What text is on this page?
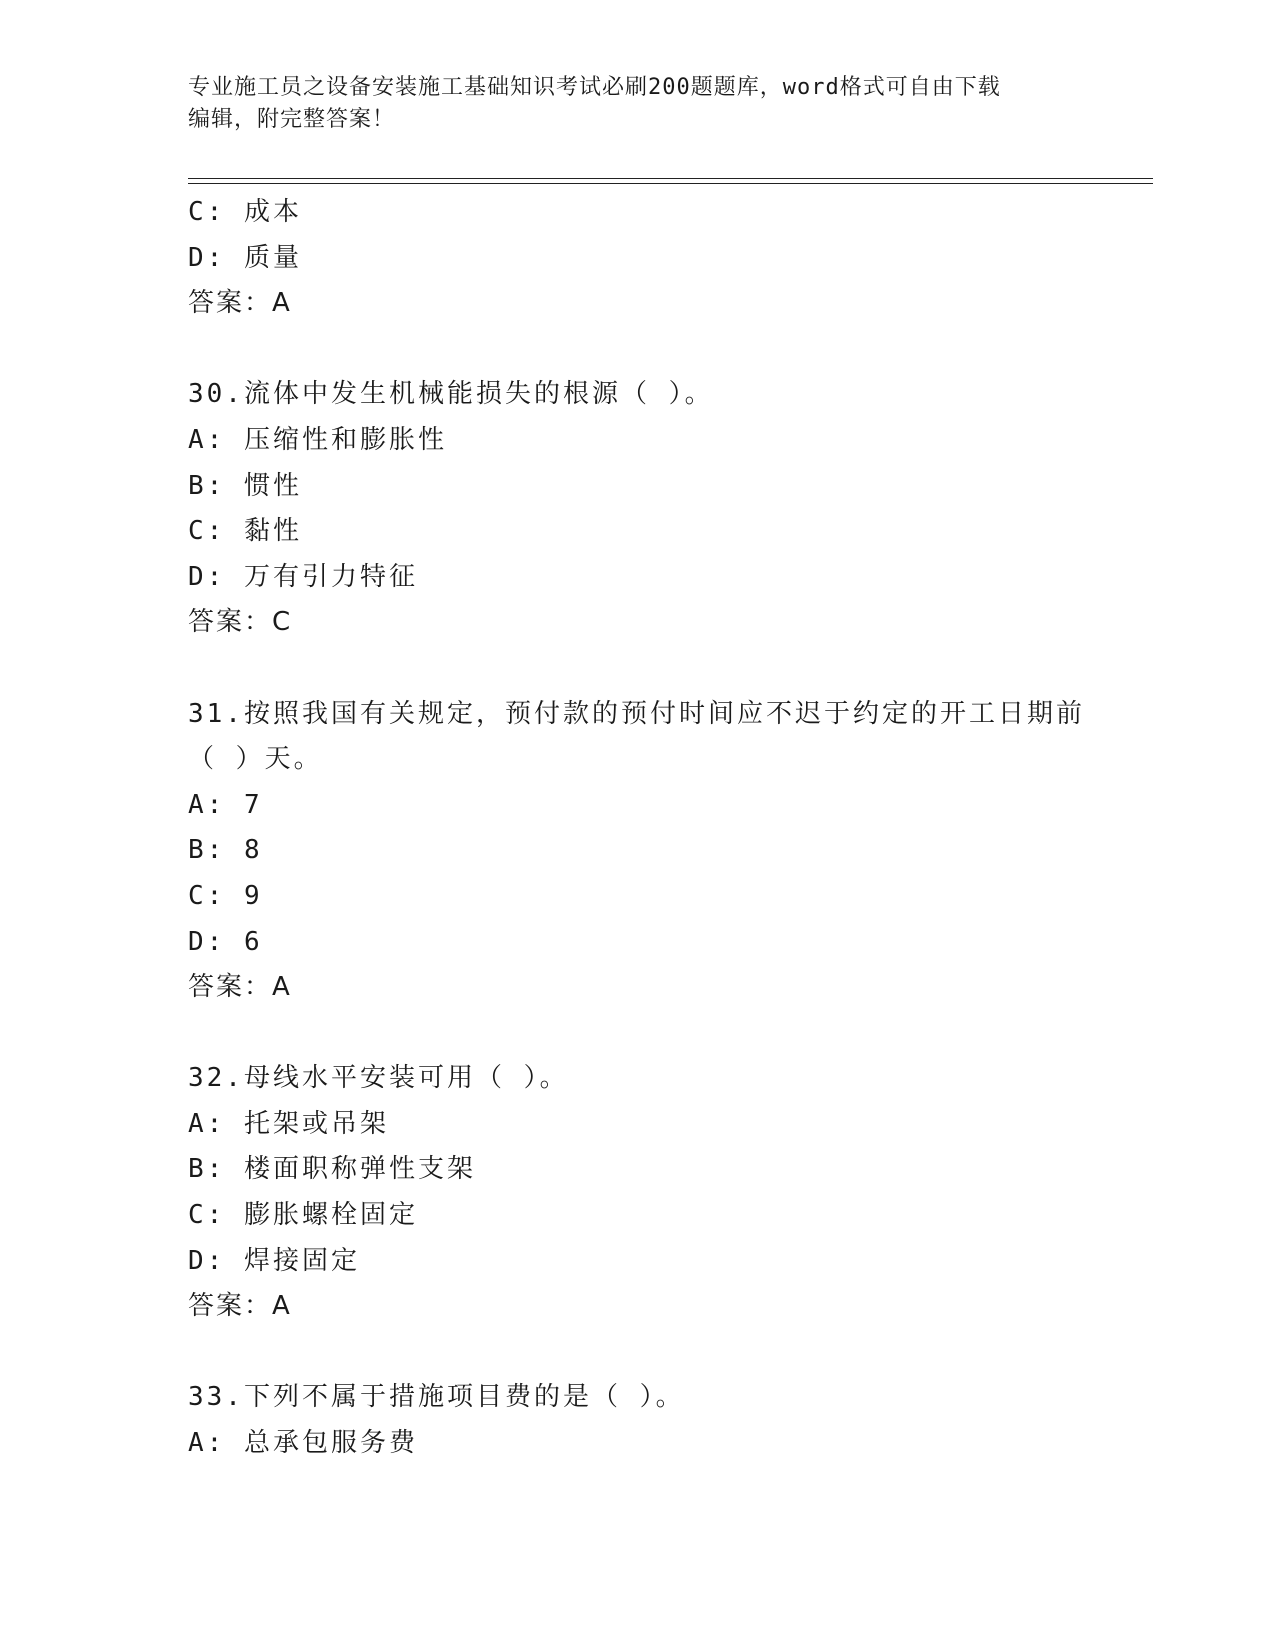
专业施工员之设备安装施工基础知识考试必刷200题题库，word格式可自由下载
编辑，附完整答案！
C: 成本
D: 质量
答案：A
30.流体中发生机械能损失的根源（ ）。
A: 压缩性和膨胀性
B: 惯性
C: 黏性
D: 万有引力特征
答案：C
31.按照我国有关规定，预付款的预付时间应不迟于约定的开工日期前
（ ）天。
A: 7
B: 8
C: 9
D: 6
答案：A
32.母线水平安装可用（ ）。
A: 托架或吊架
B: 楼面职称弹性支架
C: 膨胀螺栓固定
D: 焊接固定
答案：A
33.下列不属于措施项目费的是（ ）。
A: 总承包服务费
